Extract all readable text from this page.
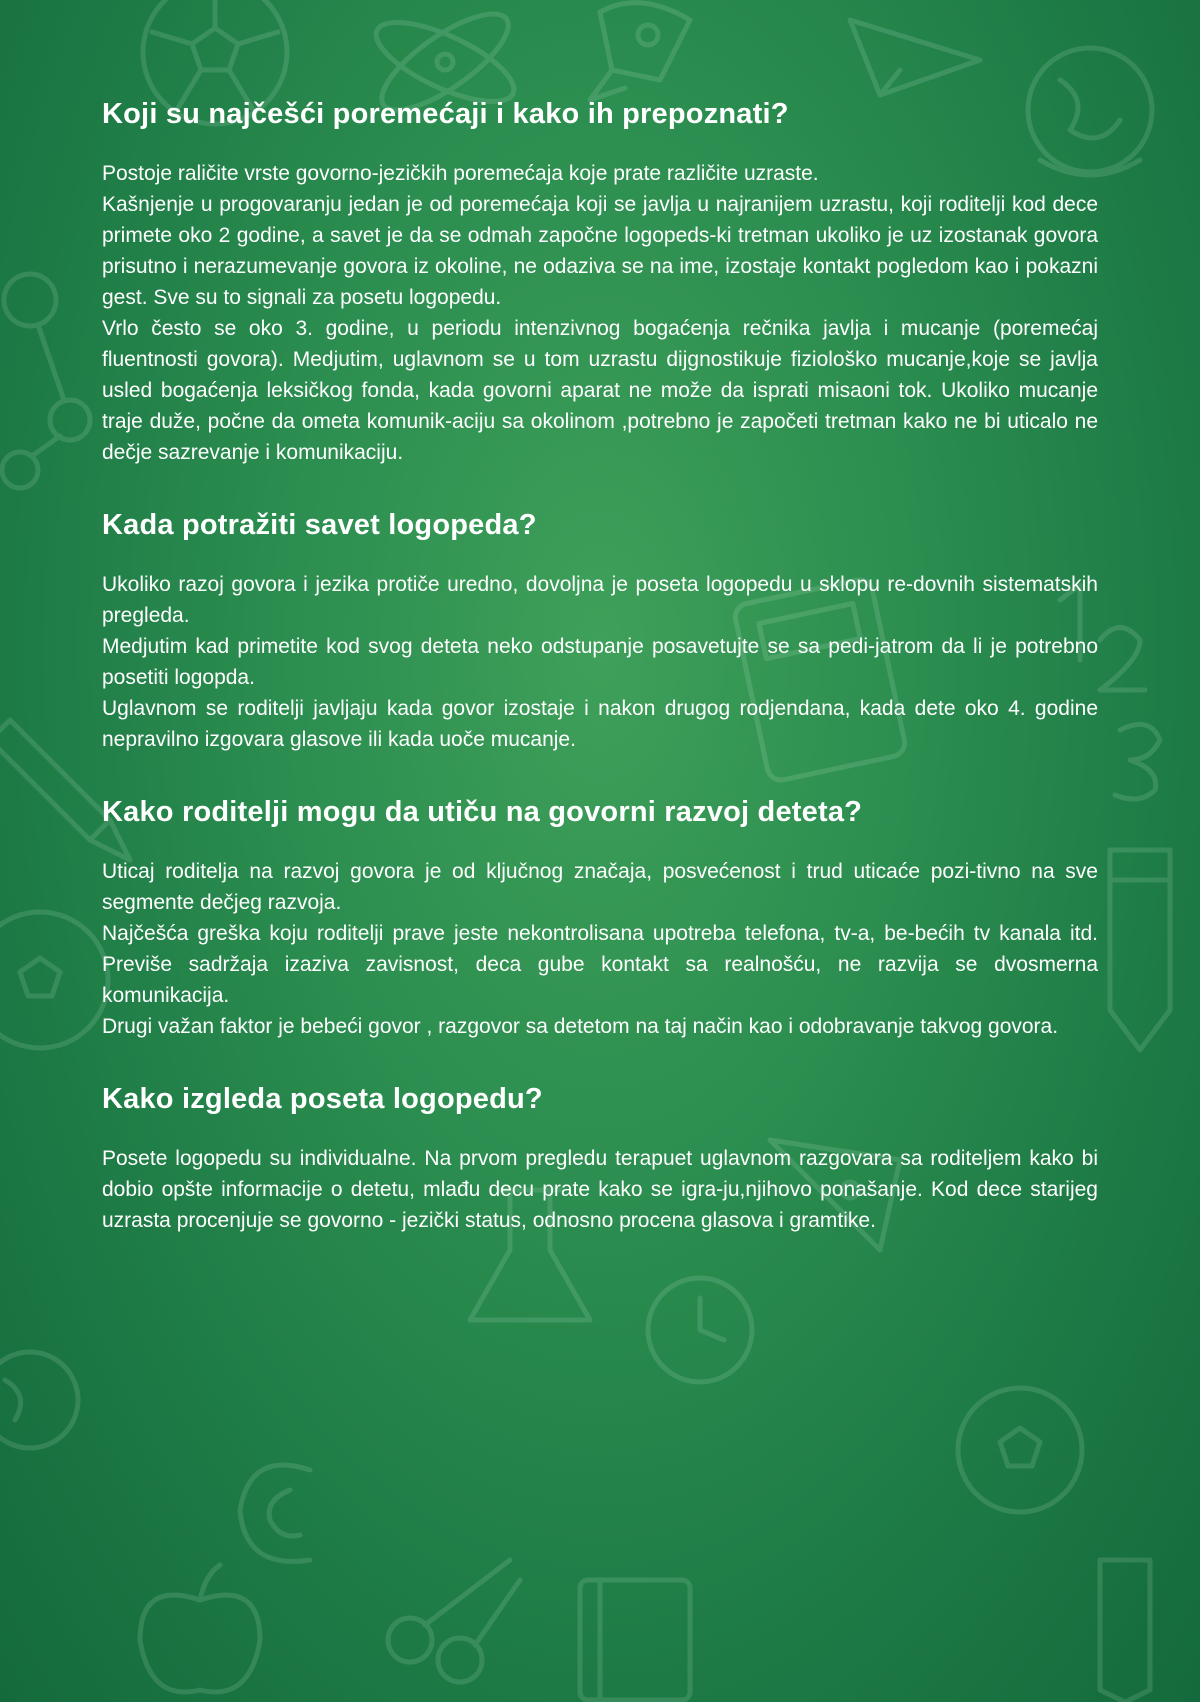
Koji su najčešći poremećaji i kako ih prepoznati?

Postoje raličite vrste govorno-jezičkih poremećaja koje prate različite uzraste.
Kašnjenje u progovaranju jedan je od poremećaja koji se javlja u najranijem uzrastu, koji roditelji kod dece primete oko 2 godine, a savet je da se odmah započne logopeds-ki tretman ukoliko je uz izostanak govora prisutno i nerazumevanje govora iz okoline, ne odaziva se na ime, izostaje kontakt pogledom kao i pokazni gest. Sve su to signali za posetu logopedu.
Vrlo često se oko 3. godine, u periodu intenzivnog bogaćenja rečnika javlja i mucanje (poremećaj fluentnosti govora). Medjutim, uglavnom se u tom uzrastu dijgnostikuje fiziološko mucanje,koje se javlja usled bogaćenja leksičkog fonda, kada govorni aparat ne može da isprati misaoni tok. Ukoliko mucanje traje duže, počne da ometa komunik-aciju sa okolinom ,potrebno je započeti tretman kako ne bi uticalo ne dečje sazrevanje i komunikaciju.

Kada potražiti savet logopeda?

Ukoliko razoj govora i jezika protiče uredno, dovoljna je poseta logopedu u sklopu re-dovnih sistematskih pregleda.
Medjutim kad primetite kod svog deteta neko odstupanje posavetujte se sa pedi-jatrom da li je potrebno posetiti logopda.
Uglavnom se roditelji javljaju kada govor izostaje i nakon drugog rodjendana, kada dete oko 4. godine nepravilno izgovara glasove ili kada uoče mucanje.

Kako roditelji mogu da utiču na govorni razvoj deteta?

Uticaj roditelja na razvoj govora je od ključnog značaja, posvećenost i trud uticaće pozi-tivno na sve segmente dečjeg razvoja.
Najčešća greška koju roditelji prave jeste nekontrolisana upotreba telefona, tv-a, be-bećih tv kanala itd. Previše sadržaja izaziva zavisnost, deca gube kontakt sa realnošću, ne razvija se dvosmerna komunikacija.
Drugi važan faktor je bebeći govor , razgovor sa detetom na taj način kao i odobravanje takvog govora.

Kako izgleda poseta logopedu?

Posete logopedu su individualne. Na prvom pregledu terapuet uglavnom razgovara sa roditeljem kako bi dobio opšte informacije o detetu, mlađu decu prate kako se igra-ju,njihovo ponašanje. Kod dece starijeg uzrasta procenjuje se govorno - jezički status, odnosno procena glasova i gramtike.
